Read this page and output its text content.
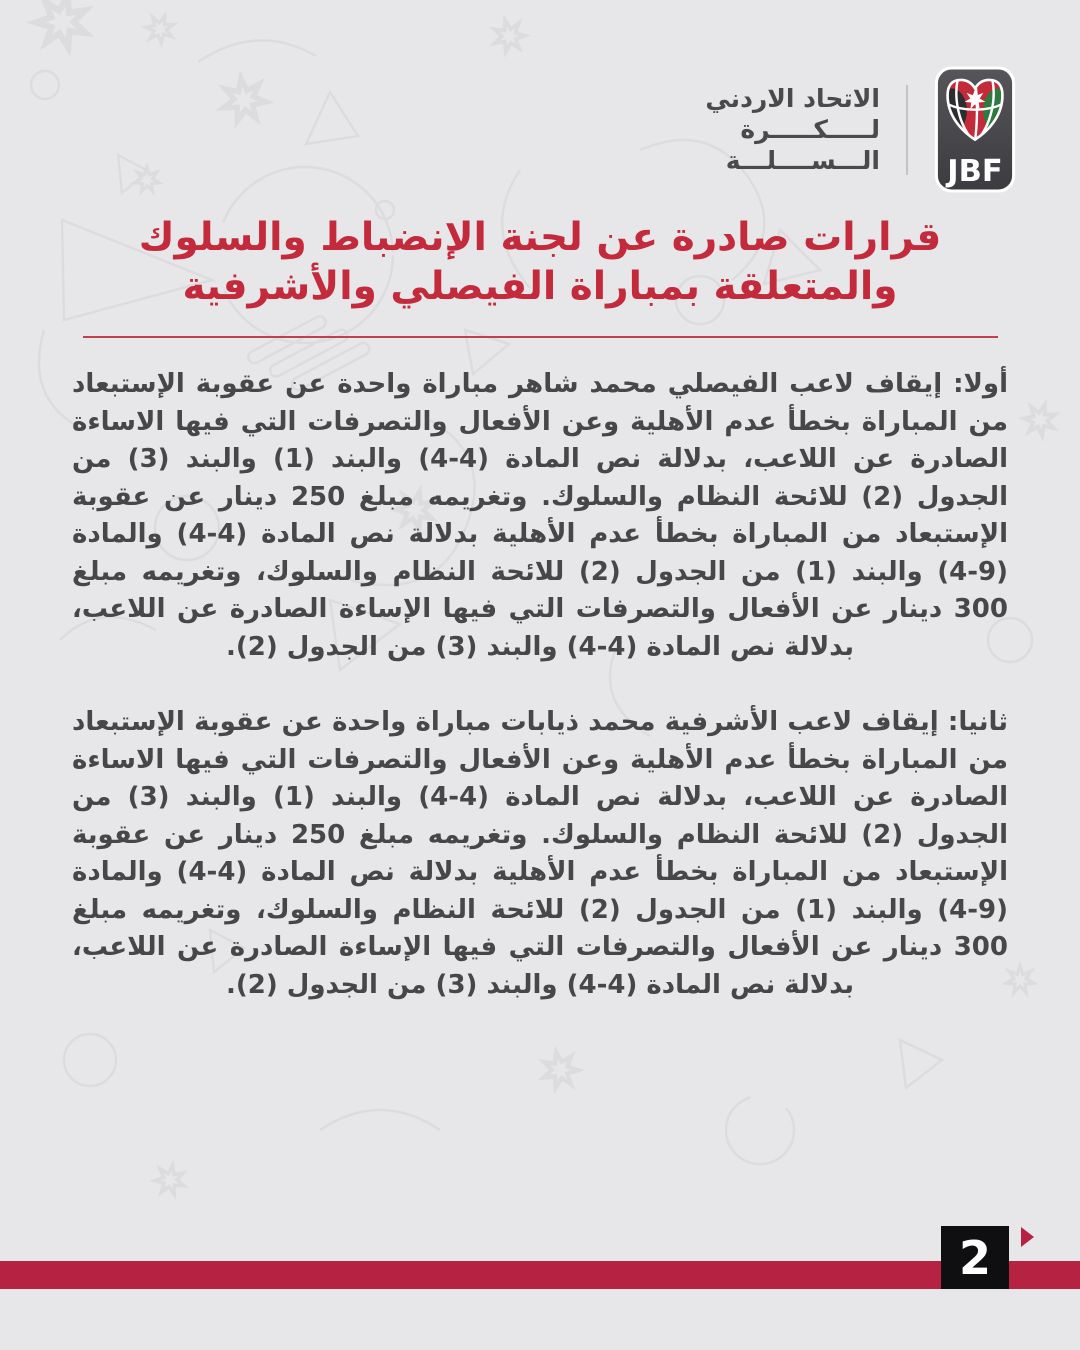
الاتحاد الاردني
لـــــكـــــرة
الـــســــلـــة JBF
قرارات صادرة عن لجنة الإنضباط والسلوك
والمتعلقة بمباراة الفيصلي والأشرفية

أولا: إيقاف لاعب الفيصلي محمد شاهر مباراة واحدة عن عقوبة الإستبعاد من المباراة بخطأ عدم الأهلية وعن الأفعال والتصرفات التي فيها الاساءة الصادرة عن اللاعب، بدلالة نص المادة (4-4) والبند (1) والبند (3) من الجدول (2) للائحة النظام والسلوك. وتغريمه مبلغ 250 دينار عن عقوبة الإستبعاد من المباراة بخطأ عدم الأهلية بدلالة نص المادة (4-4) والمادة (9-4) والبند (1) من الجدول (2) للائحة النظام والسلوك، وتغريمه مبلغ 300 دينار عن الأفعال والتصرفات التي فيها الإساءة الصادرة عن اللاعب، بدلالة نص المادة (4-4) والبند (3) من الجدول (2).

ثانيا: إيقاف لاعب الأشرفية محمد ذيابات مباراة واحدة عن عقوبة الإستبعاد من المباراة بخطأ عدم الأهلية وعن الأفعال والتصرفات التي فيها الاساءة الصادرة عن اللاعب، بدلالة نص المادة (4-4) والبند (1) والبند (3) من الجدول (2) للائحة النظام والسلوك. وتغريمه مبلغ 250 دينار عن عقوبة الإستبعاد من المباراة بخطأ عدم الأهلية بدلالة نص المادة (4-4) والمادة (9-4) والبند (1) من الجدول (2) للائحة النظام والسلوك، وتغريمه مبلغ 300 دينار عن الأفعال والتصرفات التي فيها الإساءة الصادرة عن اللاعب، بدلالة نص المادة (4-4) والبند (3) من الجدول (2).

2
